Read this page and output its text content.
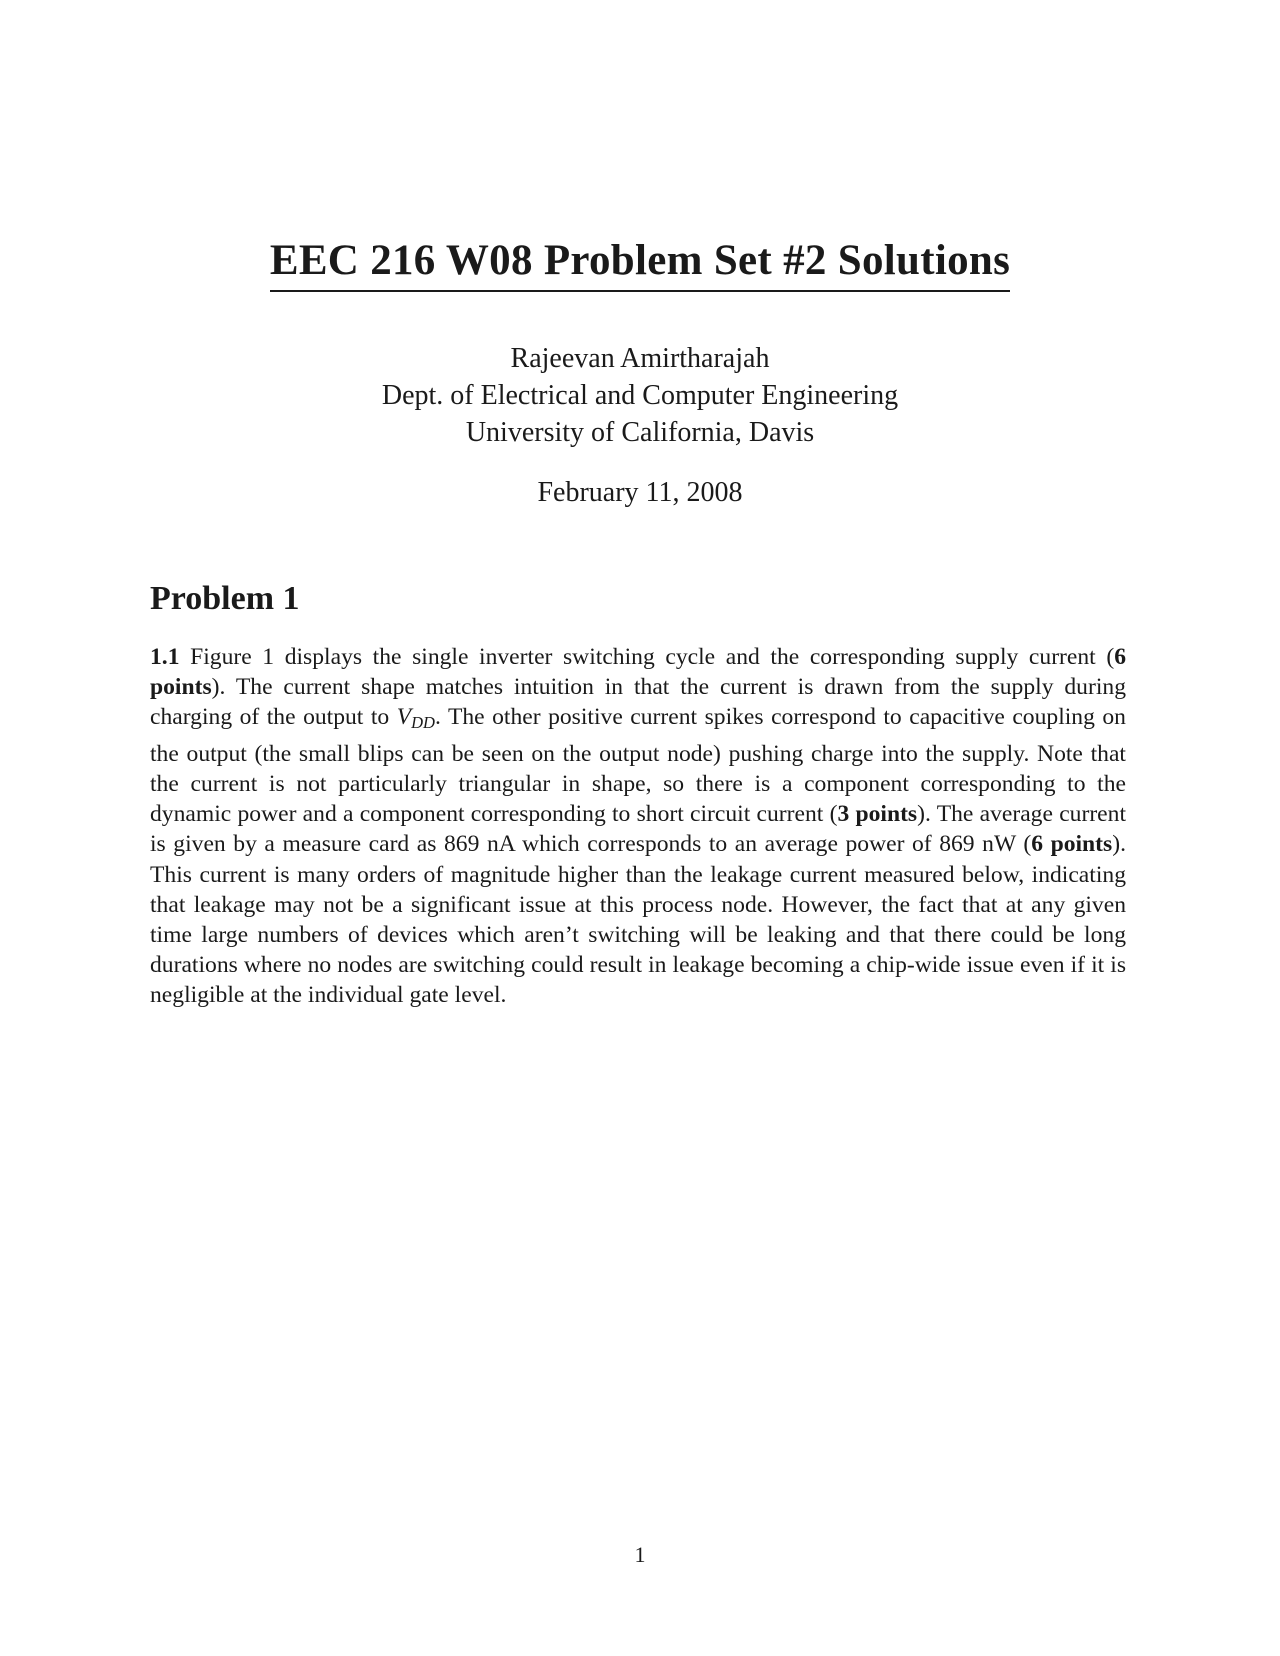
EEC 216 W08 Problem Set #2 Solutions
Rajeevan Amirtharajah
Dept. of Electrical and Computer Engineering
University of California, Davis
February 11, 2008
Problem 1

1.1 Figure 1 displays the single inverter switching cycle and the corresponding supply current (6 points). The current shape matches intuition in that the current is drawn from the supply during charging of the output to $V_{DD}$. The other positive current spikes correspond to capacitive coupling on the output (the small blips can be seen on the output node) pushing charge into the supply. Note that the current is not particularly triangular in shape, so there is a component corresponding to the dynamic power and a component corresponding to short circuit current (3 points). The average current is given by a measure card as 869 nA which corresponds to an average power of 869 nW (6 points). This current is many orders of magnitude higher than the leakage current measured below, indicating that leakage may not be a significant issue at this process node. However, the fact that at any given time large numbers of devices which aren’t switching will be leaking and that there could be long durations where no nodes are switching could result in leakage becoming a chip-wide issue even if it is negligible at the individual gate level.

1
